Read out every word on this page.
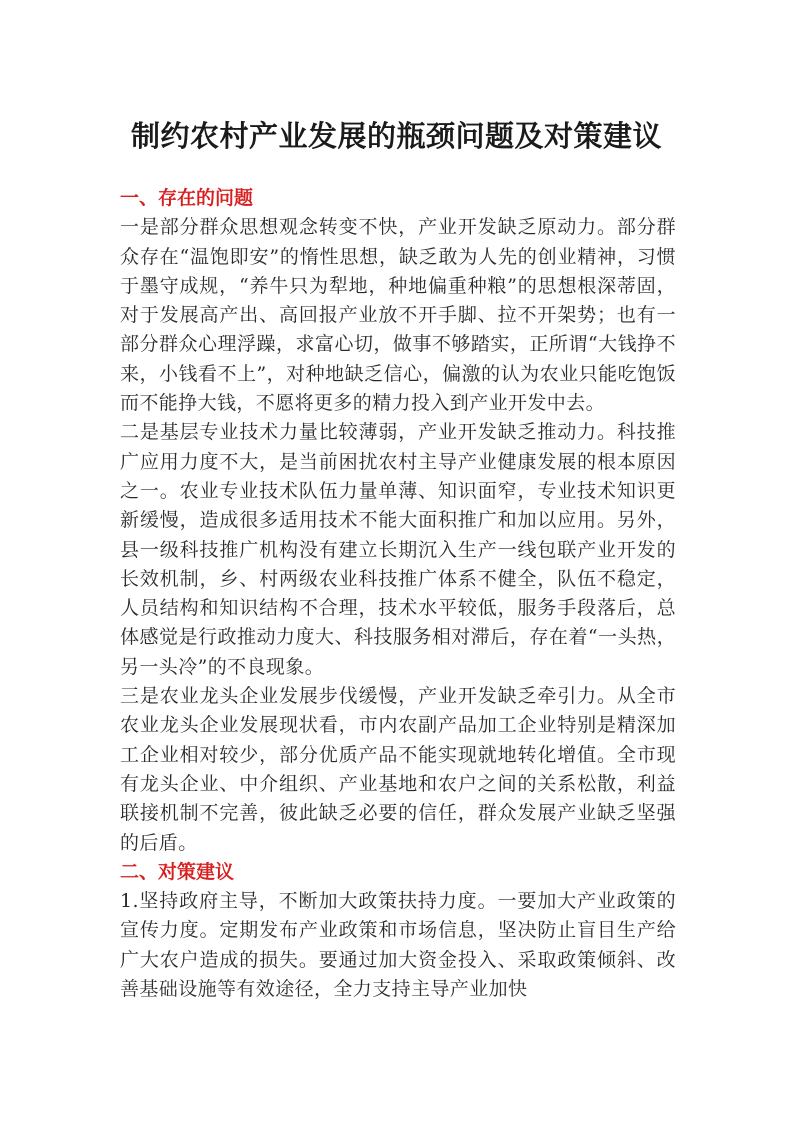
制约农村产业发展的瓶颈问题及对策建议
一、存在的问题

一是部分群众思想观念转变不快，产业开发缺乏原动力。部分群众存在“温饱即安”的惰性思想，缺乏敢为人先的创业精神，习惯于墨守成规，“养牛只为犁地，种地偏重种粮”的思想根深蒂固，对于发展高产出、高回报产业放不开手脚、拉不开架势；也有一部分群众心理浮躁，求富心切，做事不够踏实，正所谓“大钱挣不来，小钱看不上”，对种地缺乏信心，偏激的认为农业只能吃饱饭而不能挣大钱，不愿将更多的精力投入到产业开发中去。

二是基层专业技术力量比较薄弱，产业开发缺乏推动力。科技推广应用力度不大，是当前困扰农村主导产业健康发展的根本原因之一。农业专业技术队伍力量单薄、知识面窄，专业技术知识更新缓慢，造成很多适用技术不能大面积推广和加以应用。另外，县一级科技推广机构没有建立长期沉入生产一线包联产业开发的长效机制，乡、村两级农业科技推广体系不健全，队伍不稳定，人员结构和知识结构不合理，技术水平较低，服务手段落后，总体感觉是行政推动力度大、科技服务相对滞后，存在着“一头热，另一头冷”的不良现象。

三是农业龙头企业发展步伐缓慢，产业开发缺乏牵引力。从全市农业龙头企业发展现状看，市内农副产品加工企业特别是精深加工企业相对较少，部分优质产品不能实现就地转化增值。全市现有龙头企业、中介组织、产业基地和农户之间的关系松散，利益联接机制不完善，彼此缺乏必要的信任，群众发展产业缺乏坚强的后盾。

二、对策建议

1.坚持政府主导，不断加大政策扶持力度。一要加大产业政策的宣传力度。定期发布产业政策和市场信息，坚决防止盲目生产给广大农户造成的损失。要通过加大资金投入、采取政策倾斜、改善基础设施等有效途径，全力支持主导产业加快
